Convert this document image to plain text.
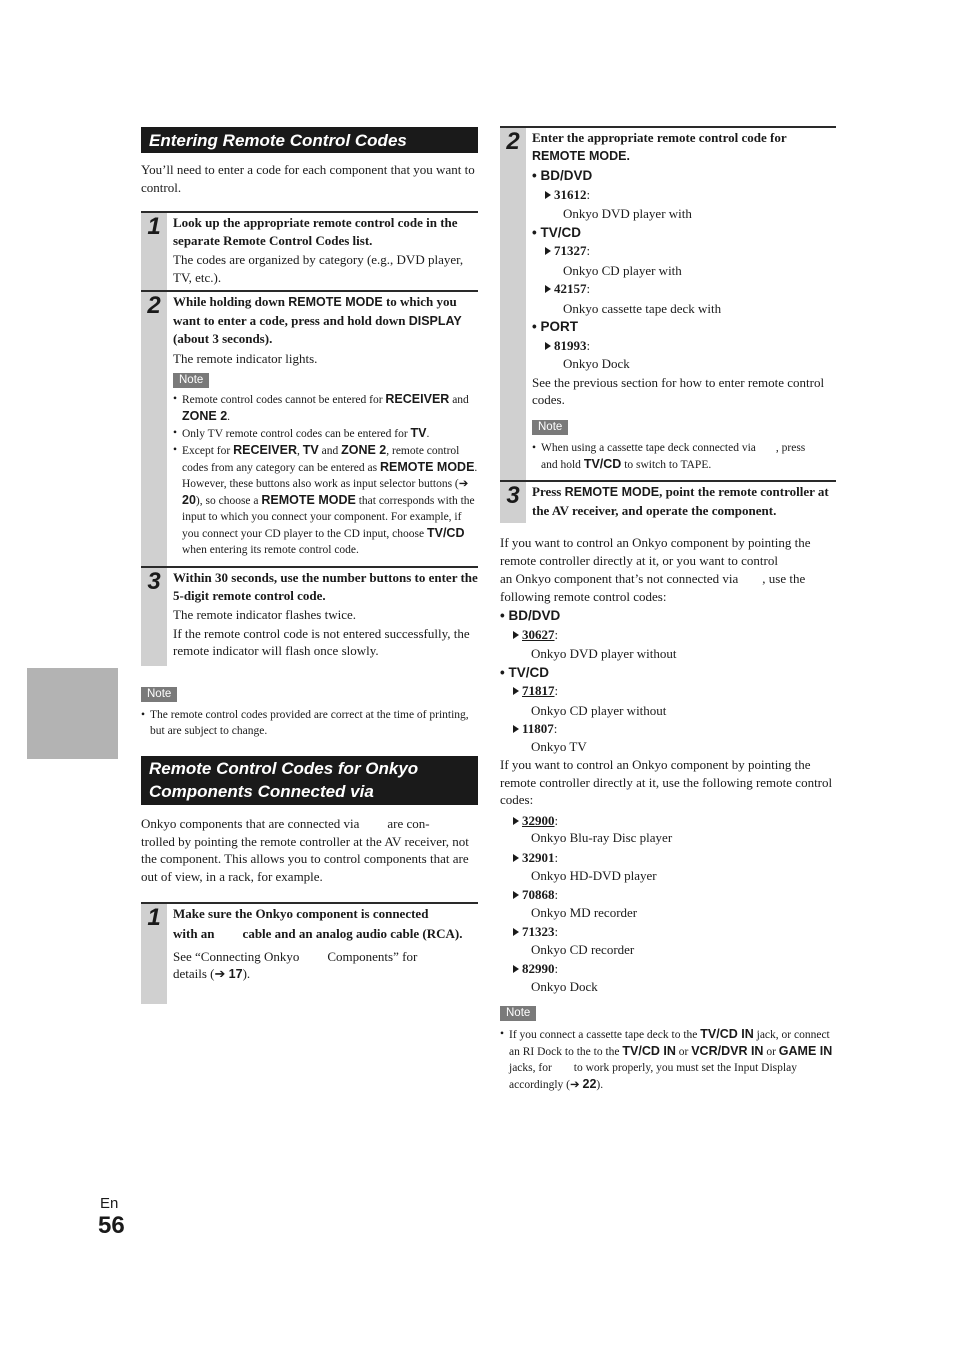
Entering Remote Control Codes

You’ll need to enter a code for each component that you want to control.

1 Look up the appropriate remote control code in the separate Remote Control Codes list.

The codes are organized by category (e.g., DVD player, TV, etc.).

2 While holding down REMOTE MODE to which you want to enter a code, press and hold down DISPLAY (about 3 seconds).

The remote indicator lights.

Note

• Remote control codes cannot be entered for RECEIVER and ZONE 2.

• Only TV remote control codes can be entered for TV.

• Except for RECEIVER, TV and ZONE 2, remote control codes from any category can be entered as REMOTE MODE. However, these buttons also work as input selector buttons (➔ 20), so choose a REMOTE MODE that corresponds with the input to which you connect your component. For example, if you connect your CD player to the CD input, choose TV/CD when entering its remote control code.

3 Within 30 seconds, use the number buttons to enter the 5-digit remote control code.

The remote indicator flashes twice.

If the remote control code is not entered successfully, the remote indicator will flash once slowly.

Note

• The remote control codes provided are correct at the time of printing, but are subject to change.

Remote Control Codes for Onkyo
Components Connected via

Onkyo components that are connected via are con-

trolled by pointing the remote controller at the AV receiver, not the component. This allows you to control components that are out of view, in a rack, for example.

1 Make sure the Onkyo component is connected
with an cable and an analog audio cable (RCA).

See “Connecting Onkyo Components” for
details (➔ 17).

2 Enter the appropriate remote control code for
REMOTE MODE.

• BD/DVD

31612:

Onkyo DVD player with

• TV/CD

71327:

Onkyo CD player with

42157:

Onkyo cassette tape deck with

• PORT

81993:

Onkyo Dock

See the previous section for how to enter remote control codes.

Note

• When using a cassette tape deck connected via , press
and hold TV/CD to switch to TAPE.

3 Press REMOTE MODE, point the remote controller at the AV receiver, and operate the component.

If you want to control an Onkyo component by pointing the remote controller directly at it, or you want to control

an Onkyo component that’s not connected via , use the

following remote control codes:

• BD/DVD

30627:

Onkyo DVD player without

• TV/CD

71817:

Onkyo CD player without

11807:

Onkyo TV

If you want to control an Onkyo component by pointing the remote controller directly at it, use the following remote control codes:

32900:

Onkyo Blu-ray Disc player

32901:

Onkyo HD-DVD player

70868:

Onkyo MD recorder

71323:

Onkyo CD recorder

82990:

Onkyo Dock

Note

• If you connect a cassette tape deck to the TV/CD IN jack, or connect an RI Dock to the to the TV/CD IN or VCR/DVR IN or GAME IN jacks, for to work properly, you must set the Input Display accordingly (➔ 22).

En
56
